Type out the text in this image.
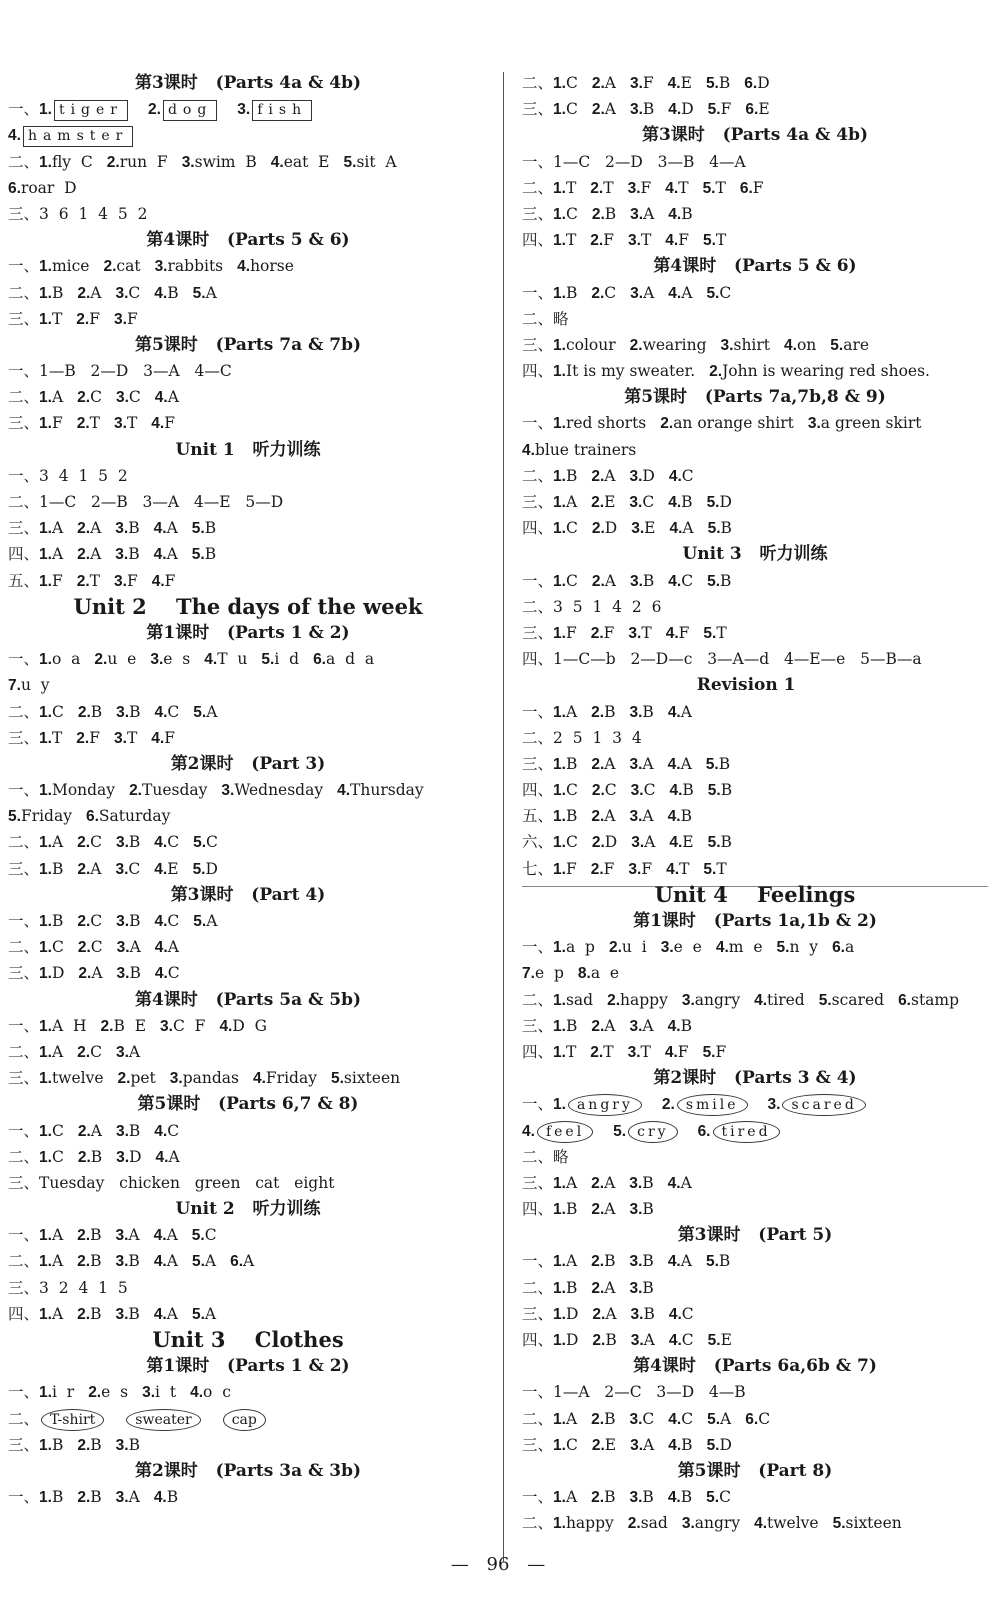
第3课时 (Parts 4a & 4b)
一、1. tiger 2. dog 3. fish
4. hamster
二、1.fly  C 2.run  F 3.swim  B 4.eat  E 5.sit  A
6.roar  D
三、3  6  1  4  5  2
第4课时 (Parts 5 & 6)
一、1.mice 2.cat 3.rabbits 4.horse
二、1.B 2.A 3.C 4.B 5.A
三、1.T 2.F 3.F
第5课时 (Parts 7a & 7b)
一、1—B   2—D   3—A   4—C
二、1.A 2.C 3.C 4.A
三、1.F 2.T 3.T 4.F
Unit 1 听力训练
一、3  4  1  5  2
二、1—C   2—B   3—A   4—E   5—D
三、1.A 2.A 3.B 4.A 5.B
四、1.A 2.A 3.B 4.A 5.B
五、1.F 2.T 3.F 4.F
Unit 2    The days of the week
第1课时 (Parts 1 & 2)
一、1.o  a 2.u  e 3.e  s 4.T  u 5.i  d 6.a  d  a
7.u  y
二、1.C 2.B 3.B 4.C 5.A
三、1.T 2.F 3.T 4.F
第2课时 (Part 3)
一、1.Monday 2.Tuesday 3.Wednesday 4.Thursday
5.Friday 6.Saturday
二、1.A 2.C 3.B 4.C 5.C
三、1.B 2.A 3.C 4.E 5.D
第3课时 (Part 4)
一、1.B 2.C 3.B 4.C 5.A
二、1.C 2.C 3.A 4.A
三、1.D 2.A 3.B 4.C
第4课时 (Parts 5a & 5b)
一、1.A  H 2.B  E 3.C  F 4.D  G
二、1.A 2.C 3.A
三、1.twelve 2.pet 3.pandas 4.Friday 5.sixteen
第5课时 (Parts 6,7 & 8)
一、1.C 2.A 3.B 4.C
二、1.C 2.B 3.D 4.A
三、Tuesday   chicken   green   cat   eight
Unit 2 听力训练
一、1.A 2.B 3.A 4.A 5.C
二、1.A 2.B 3.B 4.A 5.A 6.A
三、3  2  4  1  5
四、1.A 2.B 3.B 4.A 5.A
Unit 3    Clothes
第1课时 (Parts 1 & 2)
一、1.i  r 2.e  s 3.i  t 4.o  c
二、 T-shirt	sweater	cap
三、1.B 2.B 3.B
第2课时 (Parts 3a & 3b)
一、1.B 2.B 3.A 4.B
二、1.C 2.A 3.F 4.E 5.B 6.D
三、1.C 2.A 3.B 4.D 5.F 6.E
第3课时 (Parts 4a & 4b)
一、1—C   2—D   3—B   4—A
二、1.T 2.T 3.F 4.T 5.T 6.F
三、1.C 2.B 3.A 4.B
四、1.T 2.F 3.T 4.F 5.T
第4课时 (Parts 5 & 6)
一、1.B 2.C 3.A 4.A 5.C
二、略
三、1.colour 2.wearing 3.shirt 4.on 5.are
四、1.It is my sweater. 2.John is wearing red shoes.
第5课时 (Parts 7a,7b,8 & 9)
一、1.red shorts 2.an orange shirt 3.a green skirt
4.blue trainers
二、1.B 2.A 3.D 4.C
三、1.A 2.E 3.C 4.B 5.D
四、1.C 2.D 3.E 4.A 5.B
Unit 3 听力训练
一、1.C 2.A 3.B 4.C 5.B
二、3  5  1  4  2  6
三、1.F 2.F 3.T 4.F 5.T
四、1—C—b   2—D—c   3—A—d   4—E—e   5—B—a
Revision 1
一、1.A 2.B 3.B 4.A
二、2  5  1  3  4
三、1.B 2.A 3.A 4.A 5.B
四、1.C 2.C 3.C 4.B 5.B
五、1.B 2.A 3.A 4.B
六、1.C 2.D 3.A 4.E 5.B
七、1.F 2.F 3.F 4.T 5.T
Unit 4    Feelings
第1课时 (Parts 1a,1b & 2)
一、1.a  p 2.u  i 3.e  e 4.m  e 5.n  y 6.a
7.e  p 8.a  e
二、1.sad 2.happy 3.angry 4.tired 5.scared 6.stamp
三、1.B 2.A 3.A 4.B
四、1.T 2.T 3.T 4.F 5.F
第2课时 (Parts 3 & 4)
一、1. angry 2. smile 3. scared
4. feel 5. cry 6. tired
二、略
三、1.A 2.A 3.B 4.A
四、1.B 2.A 3.B
第3课时 (Part 5)
一、1.A 2.B 3.B 4.A 5.B
二、1.B 2.A 3.B
三、1.D 2.A 3.B 4.C
四、1.D 2.B 3.A 4.C 5.E
第4课时 (Parts 6a,6b & 7)
一、1—A   2—C   3—D   4—B
二、1.A 2.B 3.C 4.C 5.A 6.C
三、1.C 2.E 3.A 4.B 5.D
第5课时 (Part 8)
一、1.A 2.B 3.B 4.B 5.C
二、1.happy 2.sad 3.angry 4.twelve 5.sixteen
— 96 —
